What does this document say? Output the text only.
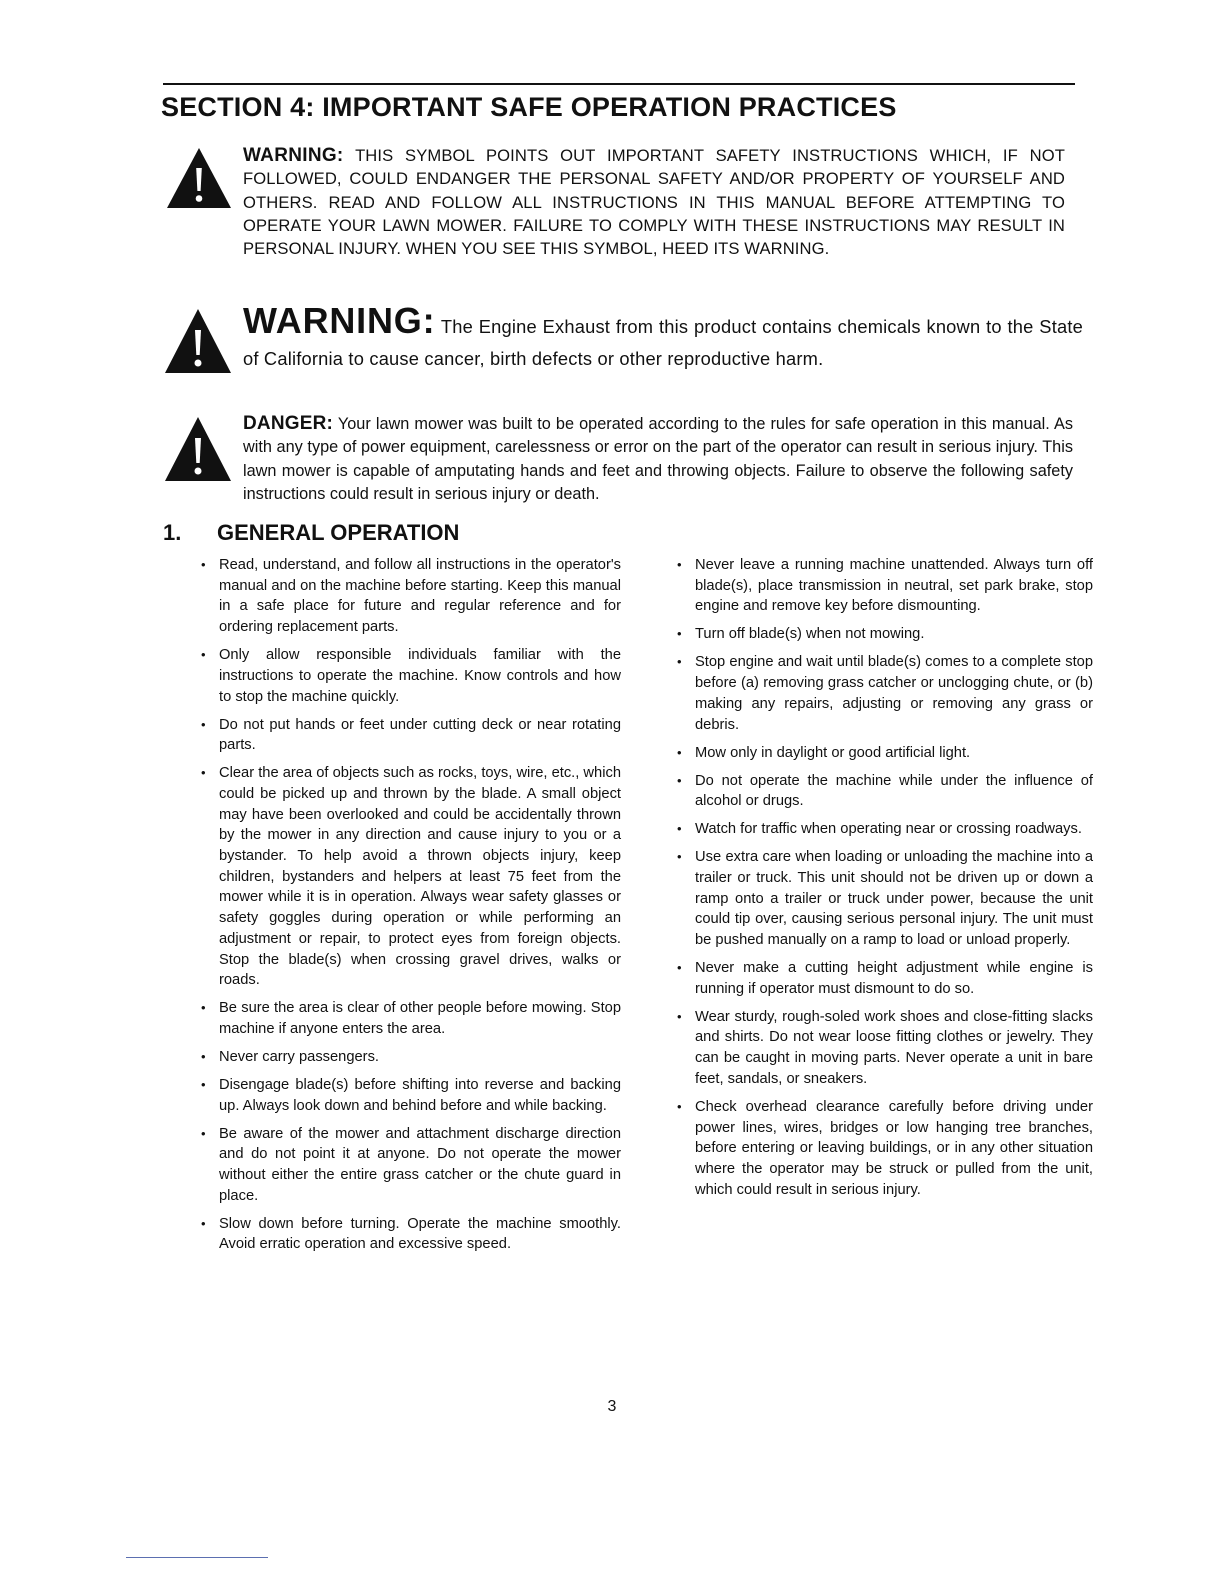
SECTION 4: IMPORTANT SAFE OPERATION PRACTICES

WARNING: THIS SYMBOL POINTS OUT IMPORTANT SAFETY INSTRUCTIONS WHICH, IF NOT FOLLOWED, COULD ENDANGER THE PERSONAL SAFETY AND/OR PROPERTY OF YOURSELF AND OTHERS. READ AND FOLLOW ALL INSTRUCTIONS IN THIS MANUAL BEFORE ATTEMPTING TO OPERATE YOUR LAWN MOWER. FAILURE TO COMPLY WITH THESE INSTRUCTIONS MAY RESULT IN PERSONAL INJURY. WHEN YOU SEE THIS SYMBOL, HEED ITS WARNING.

WARNING: The Engine Exhaust from this product contains chemicals known to the State of California to cause cancer, birth defects or other reproductive harm.

DANGER: Your lawn mower was built to be operated according to the rules for safe operation in this manual. As with any type of power equipment, carelessness or error on the part of the operator can result in serious injury. This lawn mower is capable of amputating hands and feet and throwing objects. Failure to observe the following safety instructions could result in serious injury or death.

1. GENERAL OPERATION
• Read, understand, and follow all instructions in the operator's manual and on the machine before starting. Keep this manual in a safe place for future and regular reference and for ordering replacement parts.
• Only allow responsible individuals familiar with the instructions to operate the machine. Know controls and how to stop the machine quickly.
• Do not put hands or feet under cutting deck or near rotating parts.
• Clear the area of objects such as rocks, toys, wire, etc., which could be picked up and thrown by the blade. A small object may have been overlooked and could be accidentally thrown by the mower in any direction and cause injury to you or a bystander. To help avoid a thrown objects injury, keep children, bystanders and helpers at least 75 feet from the mower while it is in operation. Always wear safety glasses or safety goggles during operation or while performing an adjustment or repair, to protect eyes from foreign objects. Stop the blade(s) when crossing gravel drives, walks or roads.
• Be sure the area is clear of other people before mowing. Stop machine if anyone enters the area.
• Never carry passengers.
• Disengage blade(s) before shifting into reverse and backing up. Always look down and behind before and while backing.
• Be aware of the mower and attachment discharge direction and do not point it at anyone. Do not operate the mower without either the entire grass catcher or the chute guard in place.
• Slow down before turning. Operate the machine smoothly. Avoid erratic operation and excessive speed.
• Never leave a running machine unattended. Always turn off blade(s), place transmission in neutral, set park brake, stop engine and remove key before dismounting.
• Turn off blade(s) when not mowing.
• Stop engine and wait until blade(s) comes to a complete stop before (a) removing grass catcher or unclogging chute, or (b) making any repairs, adjusting or removing any grass or debris.
• Mow only in daylight or good artificial light.
• Do not operate the machine while under the influence of alcohol or drugs.
• Watch for traffic when operating near or crossing roadways.
• Use extra care when loading or unloading the machine into a trailer or truck. This unit should not be driven up or down a ramp onto a trailer or truck under power, because the unit could tip over, causing serious personal injury. The unit must be pushed manually on a ramp to load or unload properly.
• Never make a cutting height adjustment while engine is running if operator must dismount to do so.
• Wear sturdy, rough-soled work shoes and close-fitting slacks and shirts. Do not wear loose fitting clothes or jewelry. They can be caught in moving parts. Never operate a unit in bare feet, sandals, or sneakers.
• Check overhead clearance carefully before driving under power lines, wires, bridges or low hanging tree branches, before entering or leaving buildings, or in any other situation where the operator may be struck or pulled from the unit, which could result in serious injury.
3
